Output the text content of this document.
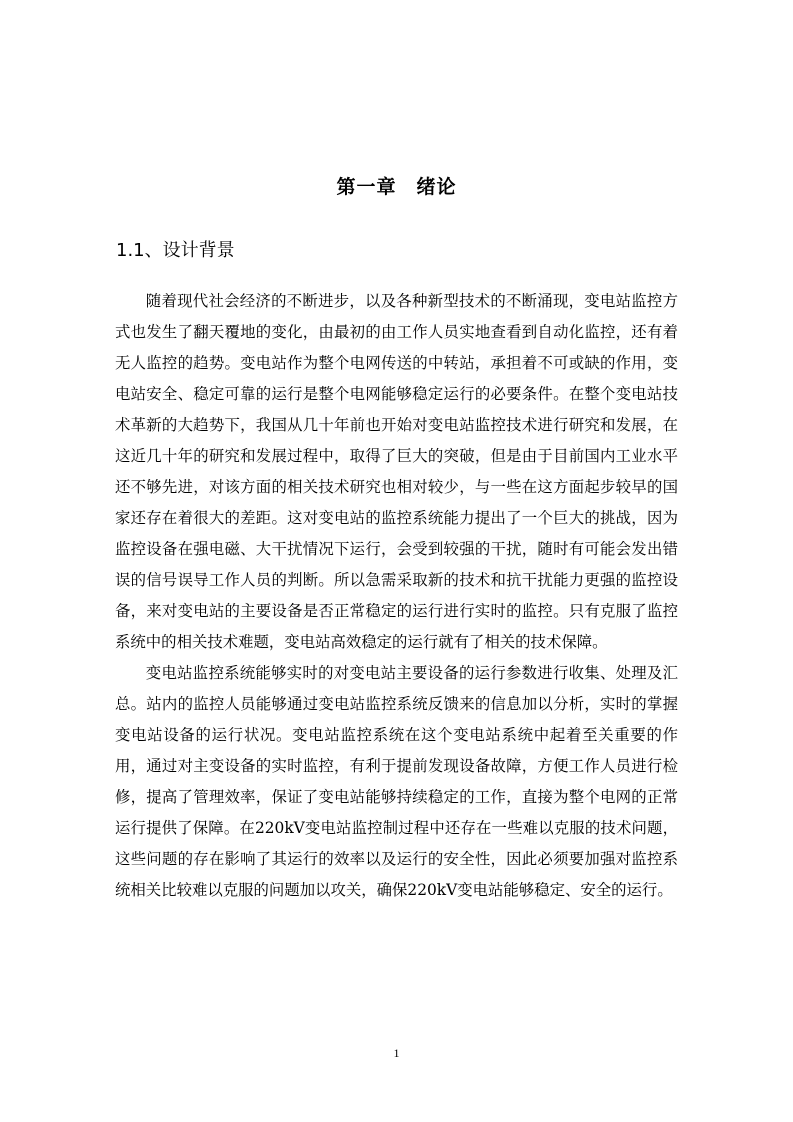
第一章　绪论
1.1、设计背景

随着现代社会经济的不断进步，以及各种新型技术的不断涌现，变电站监控方式也发生了翻天覆地的变化，由最初的由工作人员实地查看到自动化监控，还有着无人监控的趋势。变电站作为整个电网传送的中转站，承担着不可或缺的作用，变电站安全、稳定可靠的运行是整个电网能够稳定运行的必要条件。在整个变电站技术革新的大趋势下，我国从几十年前也开始对变电站监控技术进行研究和发展，在这近几十年的研究和发展过程中，取得了巨大的突破，但是由于目前国内工业水平还不够先进，对该方面的相关技术研究也相对较少，与一些在这方面起步较早的国家还存在着很大的差距。这对变电站的监控系统能力提出了一个巨大的挑战，因为监控设备在强电磁、大干扰情况下运行，会受到较强的干扰，随时有可能会发出错误的信号误导工作人员的判断。所以急需采取新的技术和抗干扰能力更强的监控设备，来对变电站的主要设备是否正常稳定的运行进行实时的监控。只有克服了监控系统中的相关技术难题，变电站高效稳定的运行就有了相关的技术保障。

变电站监控系统能够实时的对变电站主要设备的运行参数进行收集、处理及汇总。站内的监控人员能够通过变电站监控系统反馈来的信息加以分析，实时的掌握变电站设备的运行状况。变电站监控系统在这个变电站系统中起着至关重要的作用，通过对主变设备的实时监控，有利于提前发现设备故障，方便工作人员进行检修，提高了管理效率，保证了变电站能够持续稳定的工作，直接为整个电网的正常运行提供了保障。在220kV变电站监控制过程中还存在一些难以克服的技术问题，这些问题的存在影响了其运行的效率以及运行的安全性，因此必须要加强对监控系统相关比较难以克服的问题加以攻关，确保220kV变电站能够稳定、安全的运行。

1
